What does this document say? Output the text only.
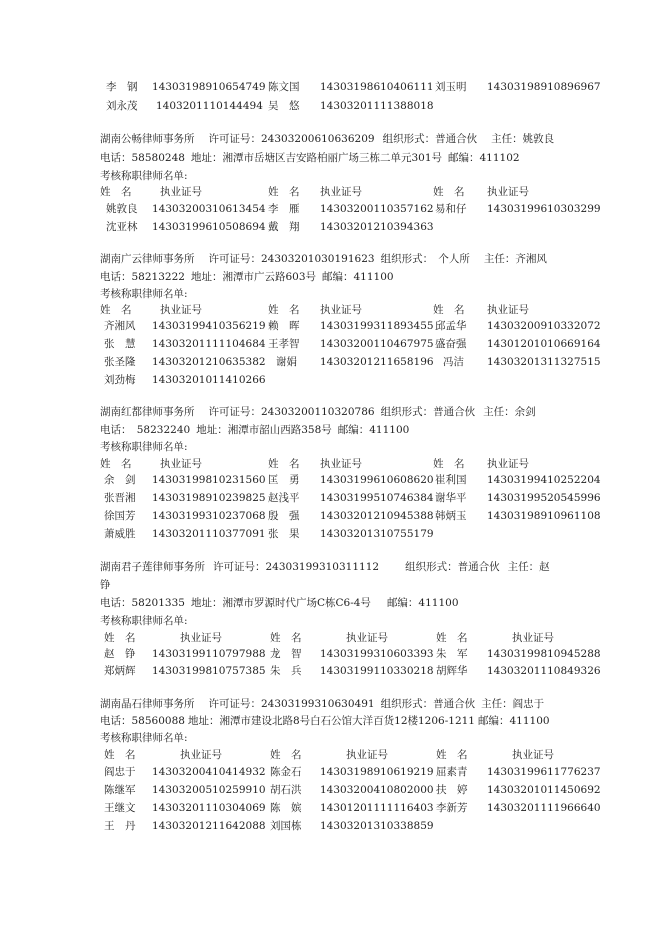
李　钢 14303198910654749 陈文国 14303198610406111 刘玉明 14303198910896967
刘永茂 1403201110144494 吴　悠 14303201111388018
湖南公畅律师事务所 许可证号：24303200610636209 组织形式：普通合伙 主任：姚敦良
电话：58580248 地址：湘潭市岳塘区吉安路柏丽广场三栋二单元301号 邮编：411102
考核称职律师名单:
姓　名	执业证号	姓　名 执业证号	姓　名 执业证号
姚敦良 14303200310613454 李　雁 14303200110357162 易和仔 14303199610303299
沈亚林 14303199610508694 戴　翔 14303201210394363
湖南广云律师事务所 许可证号：24303201030191623 组织形式：　个人所 主任：齐湘风
电话：58213222 地址：湘潭市广云路603号 邮编：411100
考核称职律师名单:
姓　名	执业证号	姓　名 执业证号	姓　名 执业证号
齐湘风 14303199410356219 赖　晖 14303199311893455 邱孟华 14303200910332072
张　慧 14303201111104684 王孝智 14303200110467975 盛奋强 14301201010669164
张圣隆 14303201210635382 谢娟 14303201211658196 冯洁 14303201311327515
刘劲梅 14303201011410266
湖南红都律师事务所 许可证号：24303200110320786 组织形式：普通合伙 主任：余剑
电话：　58232240 地址：湘潭市韶山西路358号 邮编：411100
考核称职律师名单:
姓　名	执业证号	姓　名 执业证号	姓　名 执业证号
余　剑 14303199810231560 匡　勇 14303199610608620 崔利国 14303199410252204
张晋湘 14303198910239825 赵浅平 14303199510746384 谢华平 14303199520545996
徐国芳 14303199310237068 殷　强 14303201210945388 韩炳玉 14303198910961108
萧威胜 14303201110377091 张　果 14303201310755179
湖南君子莲律师事务所 许可证号：24303199310311112 组织形式：普通合伙 主任：赵
铮
电话：58201335 地址：湘潭市罗源时代广场C栋C6-4号 邮编：411100
考核称职律师名单:
姓　名	执业证号	姓　名	执业证号	姓　名	执业证号
赵　铮 14303199110797988 龙　智 14303199310603393 朱　军 14303199810945288
郑炳辉 14303199810757385 朱　兵 14303199110330218 胡辉华 14303201110849326
湖南晶石律师事务所 许可证号：24303199310630491 组织形式：普通合伙 主任：阎忠于
电话：58560088 地址：湘潭市建设北路8号白石公馆大洋百货12楼1206-1211 邮编：411100
考核称职律师名单:
姓　名	执业证号	姓　名	执业证号	姓　名	执业证号
阎忠于 14303200410414932 陈金石 14303198910619219 屈素青 14303199611776237
陈继军 14303200510259910 胡石洪 14303200410802000 扶　婷 14303201011450692
王继文 14303201110304069 陈　嫔 14301201111116403 李新芳 14303201111966640
王　丹 14303201211642088 刘国栋 14303201310338859
